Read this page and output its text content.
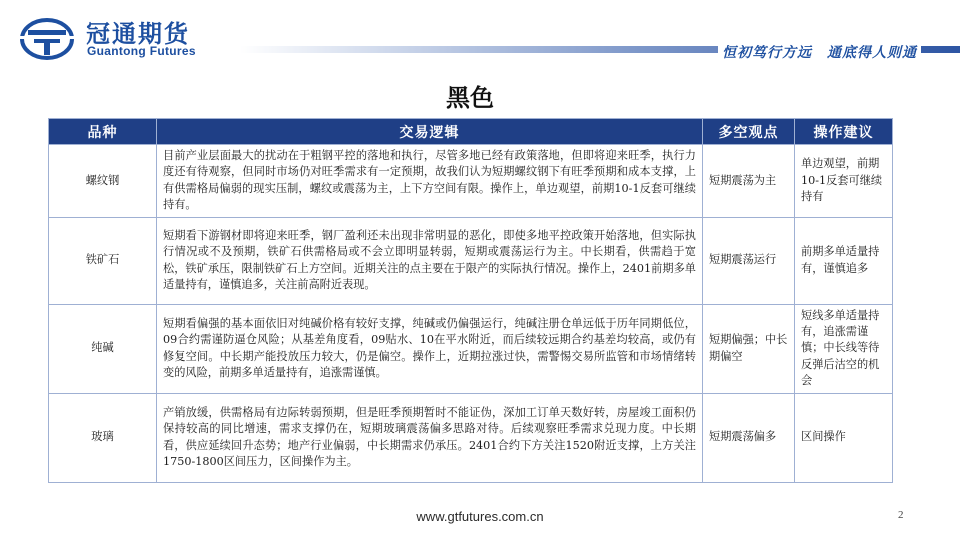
冠通期货
Guantong Futures	恒初笃行方远　通底得人则通
黑色
品种	交易逻辑	多空观点	操作建议
螺纹钢	目前产业层面最大的扰动在于粗钢平控的落地和执行，尽管多地已经有政策落地，但即将迎来旺季，执行力度还有待观察，但同时市场仍对旺季需求有一定预期，故我们认为短期螺纹钢下有旺季预期和成本支撑，上有供需格局偏弱的现实压制，螺纹或震荡为主，上下方空间有限。操作上，单边观望，前期10-1反套可继续持有。	短期震荡为主	单边观望，前期10-1反套可继续持有
铁矿石	短期看下游钢材即将迎来旺季，钢厂盈利还未出现非常明显的恶化，即使多地平控政策开始落地，但实际执行情况或不及预期，铁矿石供需格局或不会立即明显转弱，短期或震荡运行为主。中长期看，供需趋于宽松，铁矿承压，限制铁矿石上方空间。近期关注的点主要在于限产的实际执行情况。操作上，2401前期多单适量持有，谨慎追多，关注前高附近表现。	短期震荡运行	前期多单适量持有，谨慎追多
纯碱	短期看偏强的基本面依旧对纯碱价格有较好支撑，纯碱或仍偏强运行，纯碱注册仓单远低于历年同期低位，09合约需谨防逼仓风险；从基差角度看，09贴水、10在平水附近，而后续较远期合约基差均较高，或仍有修复空间。中长期产能投放压力较大，仍是偏空。操作上，近期拉涨过快，需警惕交易所监管和市场情绪转变的风险，前期多单适量持有，追涨需谨慎。	短期偏强；中长期偏空	短线多单适量持有，追涨需谨慎；中长线等待反弹后沽空的机会
玻璃	产销放缓，供需格局有边际转弱预期，但是旺季预期暂时不能证伪，深加工订单天数好转，房屋竣工面积仍保持较高的同比增速，需求支撑仍在，短期玻璃震荡偏多思路对待。后续观察旺季需求兑现力度。中长期看，供应延续回升态势；地产行业偏弱，中长期需求仍承压。2401合约下方关注1520附近支撑，上方关注1750-1800区间压力，区间操作为主。	短期震荡偏多	区间操作
www.gtfutures.com.cn	2
